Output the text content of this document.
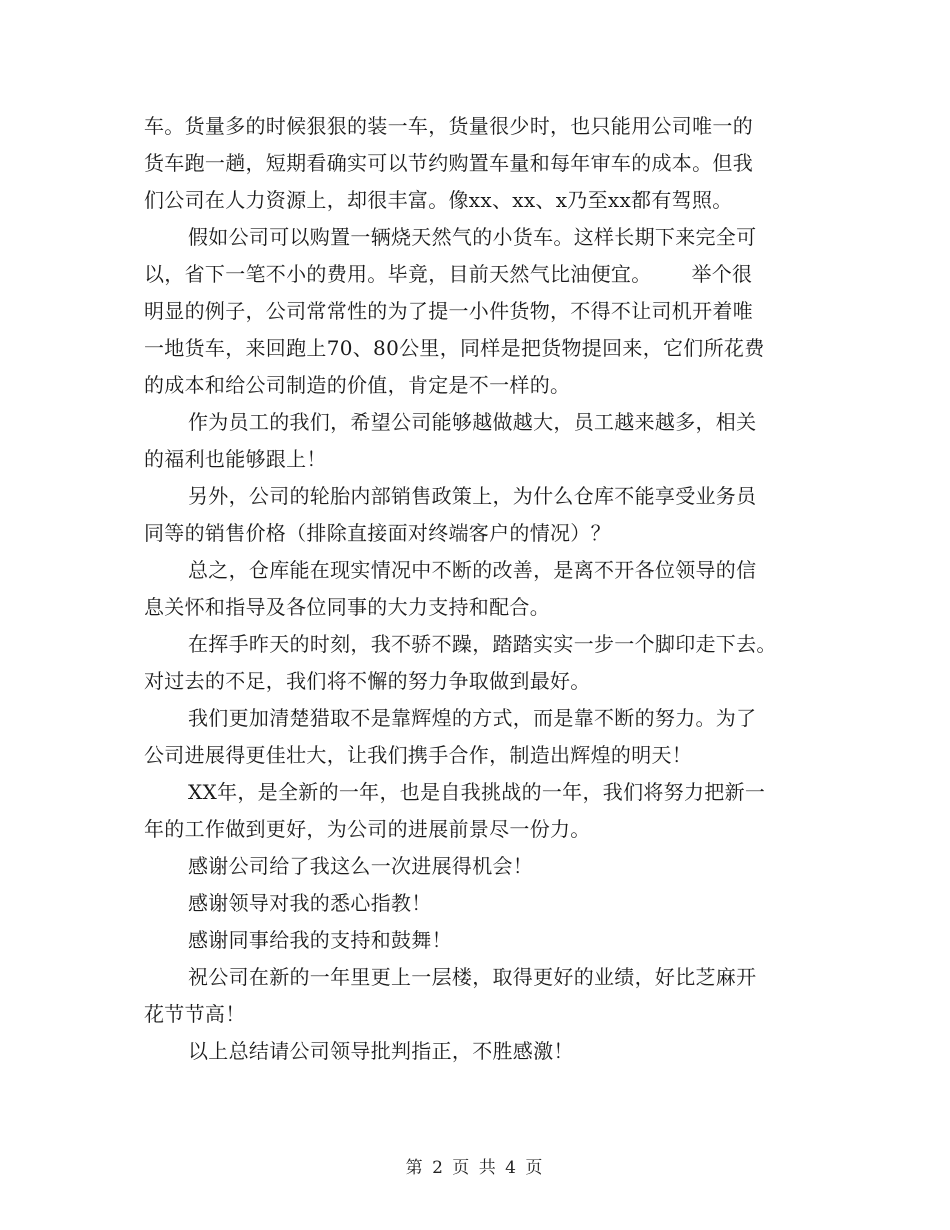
车。货量多的时候狠狠的装一车，货量很少时，也只能用公司唯一的
货车跑一趟，短期看确实可以节约购置车量和每年审车的成本。但我
们公司在人力资源上，却很丰富。像xx、xx、x乃至xx都有驾照。
假如公司可以购置一辆烧天然气的小货车。这样长期下来完全可
以，省下一笔不小的费用。毕竟，目前天然气比油便宜。      举个很
明显的例子，公司常常性的为了提一小件货物，不得不让司机开着唯
一地货车，来回跑上70、80公里，同样是把货物提回来，它们所花费
的成本和给公司制造的价值，肯定是不一样的。
作为员工的我们，希望公司能够越做越大，员工越来越多，相关
的福利也能够跟上！
另外，公司的轮胎内部销售政策上，为什么仓库不能享受业务员
同等的销售价格（排除直接面对终端客户的情况）？
总之，仓库能在现实情况中不断的改善，是离不开各位领导的信
息关怀和指导及各位同事的大力支持和配合。
在挥手昨天的时刻，我不骄不躁，踏踏实实一步一个脚印走下去。
对过去的不足，我们将不懈的努力争取做到最好。
我们更加清楚猎取不是靠辉煌的方式，而是靠不断的努力。为了
公司进展得更佳壮大，让我们携手合作，制造出辉煌的明天！
XX年，是全新的一年，也是自我挑战的一年，我们将努力把新一
年的工作做到更好，为公司的进展前景尽一份力。
感谢公司给了我这么一次进展得机会！
感谢领导对我的悉心指教！
感谢同事给我的支持和鼓舞！
祝公司在新的一年里更上一层楼，取得更好的业绩，好比芝麻开
花节节高！
以上总结请公司领导批判指正，不胜感激！
第 2 页 共 4 页
